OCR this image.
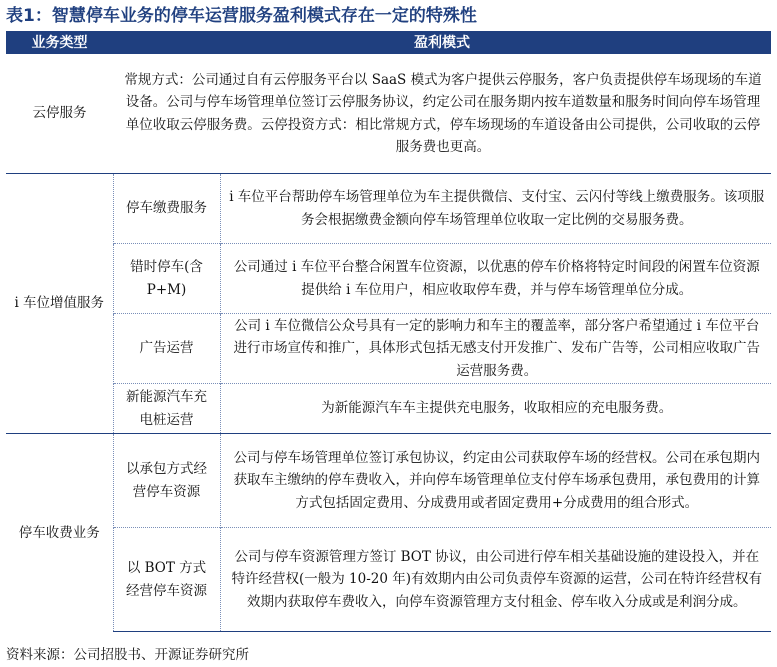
表1：智慧停车业务的停车运营服务盈利模式存在一定的特殊性
业务类型	盈利模式	
云停服务	常规方式：公司通过自有云停服务平台以 SaaS 模式为客户提供云停服务，客户负责提供停车场现场的车道设备。公司与停车场管理单位签订云停服务协议，约定公司在服务期内按车道数量和服务时间向停车场管理单位收取云停服务费。云停投资方式：相比常规方式，停车场现场的车道设备由公司提供，公司收取的云停服务费也更高。	
i 车位增值服务	停车缴费服务	i 车位平台帮助停车场管理单位为车主提供微信、支付宝、云闪付等线上缴费服务。该项服务会根据缴费金额向停车场管理单位收取一定比例的交易服务费。
	错时停车(含P+M)	公司通过 i 车位平台整合闲置车位资源，以优惠的停车价格将特定时间段的闲置车位资源提供给 i 车位用户，相应收取停车费，并与停车场管理单位分成。
	广告运营	公司 i 车位微信公众号具有一定的影响力和车主的覆盖率，部分客户希望通过 i 车位平台进行市场宣传和推广，具体形式包括无感支付开发推广、发布广告等，公司相应收取广告运营服务费。
	新能源汽车充电桩运营	为新能源汽车车主提供充电服务，收取相应的充电服务费。
停车收费业务	以承包方式经营停车资源	公司与停车场管理单位签订承包协议，约定由公司获取停车场的经营权。公司在承包期内获取车主缴纳的停车费收入，并向停车场管理单位支付停车场承包费用，承包费用的计算方式包括固定费用、分成费用或者固定费用+分成费用的组合形式。
	以 BOT 方式经营停车资源	公司与停车资源管理方签订 BOT 协议，由公司进行停车相关基础设施的建设投入，并在特许经营权(一般为 10-20 年)有效期内由公司负责停车资源的运营，公司在特许经营权有效期内获取停车费收入，向停车资源管理方支付租金、停车收入分成或是利润分成。
资料来源：公司招股书、开源证券研究所
